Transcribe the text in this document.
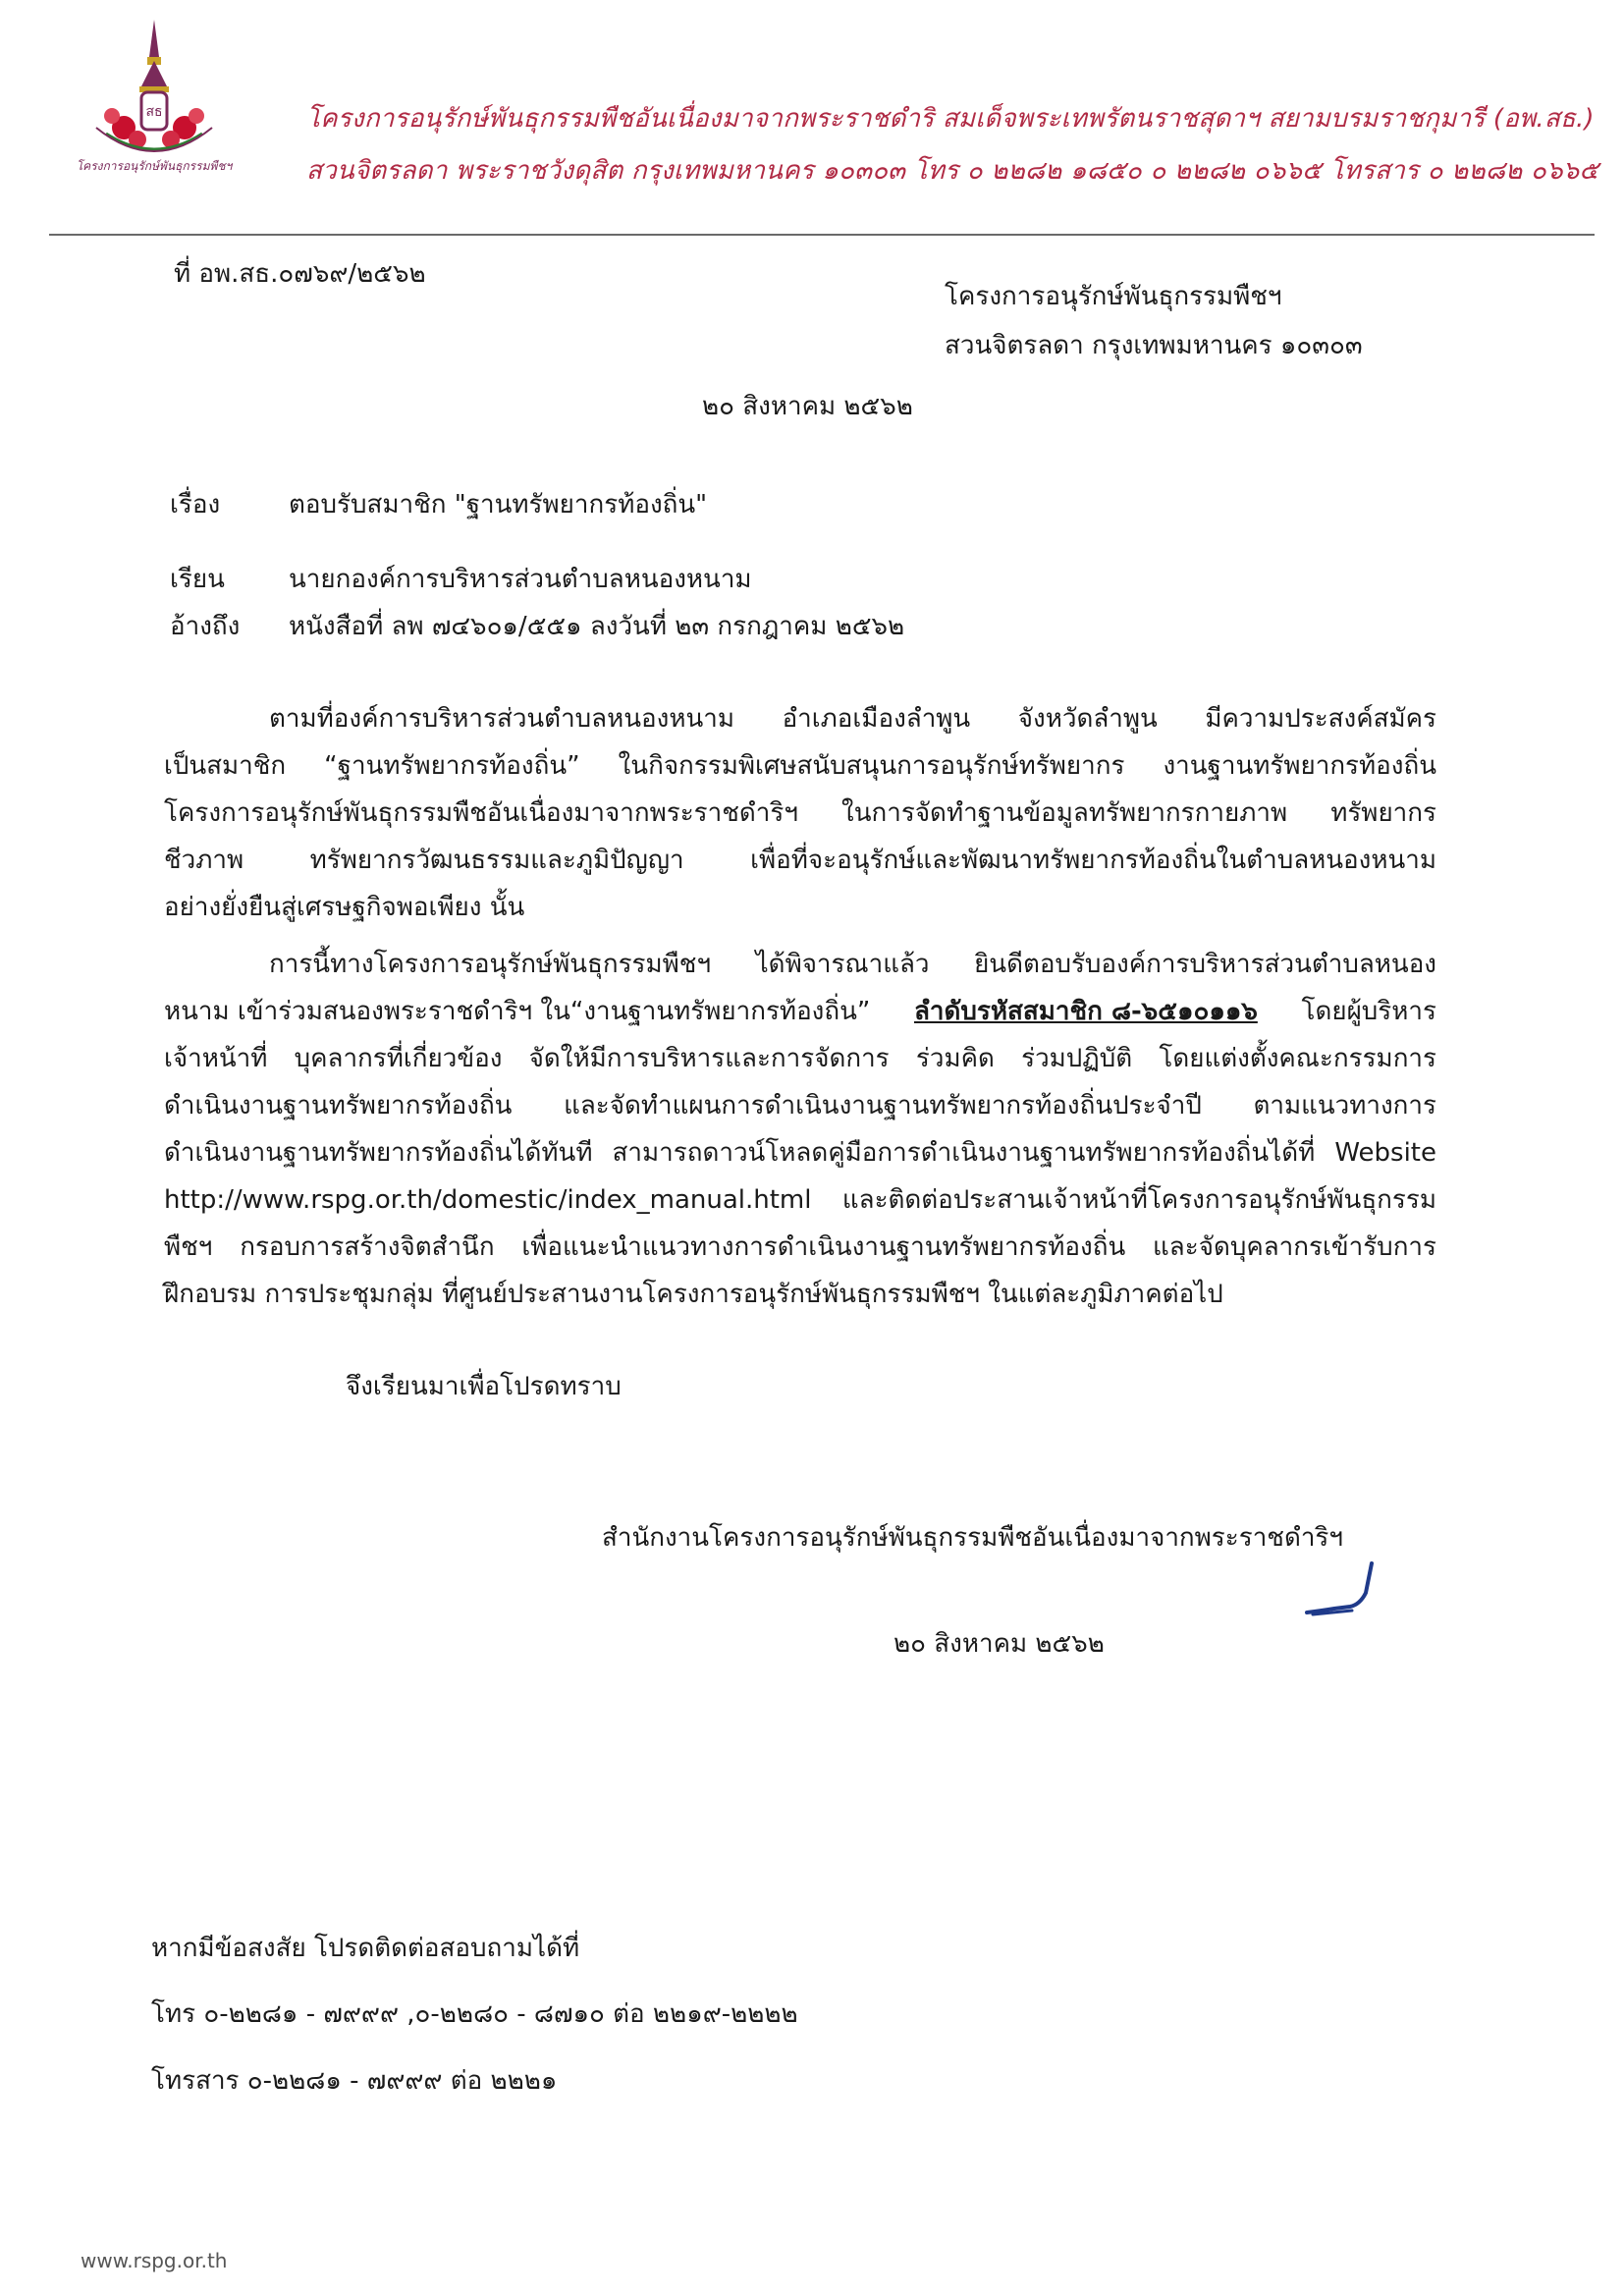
สธ
โครงการอนุรักษ์พันธุกรรมพืชฯ
โครงการอนุรักษ์พันธุกรรมพืชอันเนื่องมาจากพระราชดำริ สมเด็จพระเทพรัตนราชสุดาฯ สยามบรมราชกุมารี (อพ.สธ.)
สวนจิตรลดา พระราชวังดุสิต กรุงเทพมหานคร ๑๐๓๐๓ โทร ๐ ๒๒๘๒ ๑๘๕๐ ๐ ๒๒๘๒ ๐๖๖๕ โทรสาร ๐ ๒๒๘๒ ๐๖๖๕
ที่ อพ.สธ.๐๗๖๙/๒๕๖๒
โครงการอนุรักษ์พันธุกรรมพืชฯ
สวนจิตรลดา กรุงเทพมหานคร ๑๐๓๐๓
๒๐ สิงหาคม ๒๕๖๒
เรื่อง	ตอบรับสมาชิก "ฐานทรัพยากรท้องถิ่น"
เรียน	นายกองค์การบริหารส่วนตำบลหนองหนาม
อ้างถึง หนังสือที่ ลพ ๗๔๖๐๑/๕๕๑ ลงวันที่ ๒๓ กรกฎาคม ๒๕๖๒
ตามที่องค์การบริหารส่วนตำบลหนองหนาม อำเภอเมืองลำพูน จังหวัดลำพูน มีความประสงค์สมัคร
เป็นสมาชิก “ฐานทรัพยากรท้องถิ่น” ในกิจกรรมพิเศษสนับสนุนการอนุรักษ์ทรัพยากร งานฐานทรัพยากรท้องถิ่น
โครงการอนุรักษ์พันธุกรรมพืชอันเนื่องมาจากพระราชดำริฯ ในการจัดทำฐานข้อมูลทรัพยากรกายภาพ ทรัพยากร
ชีวภาพ ทรัพยากรวัฒนธรรมและภูมิปัญญา เพื่อที่จะอนุรักษ์และพัฒนาทรัพยากรท้องถิ่นในตำบลหนองหนาม
อย่างยั่งยืนสู่เศรษฐกิจพอเพียง นั้น
การนี้ทางโครงการอนุรักษ์พันธุกรรมพืชฯ ได้พิจารณาแล้ว ยินดีตอบรับองค์การบริหารส่วนตำบลหนอง
หนาม เข้าร่วมสนองพระราชดำริฯ ใน“งานฐานทรัพยากรท้องถิ่น” ลำดับรหัสสมาชิก ๘-๖๕๑๐๑๑๖ โดยผู้บริหาร
เจ้าหน้าที่ บุคลากรที่เกี่ยวข้อง จัดให้มีการบริหารและการจัดการ ร่วมคิด ร่วมปฏิบัติ โดยแต่งตั้งคณะกรรมการ
ดำเนินงานฐานทรัพยากรท้องถิ่น และจัดทำแผนการดำเนินงานฐานทรัพยากรท้องถิ่นประจำปี ตามแนวทางการ
ดำเนินงานฐานทรัพยากรท้องถิ่นได้ทันที สามารถดาวน์โหลดคู่มือการดำเนินงานฐานทรัพยากรท้องถิ่นได้ที่ Website
http://www.rspg.or.th/domestic/index_manual.html และติดต่อประสานเจ้าหน้าที่โครงการอนุรักษ์พันธุกรรม
พืชฯ กรอบการสร้างจิตสำนึก เพื่อแนะนำแนวทางการดำเนินงานฐานทรัพยากรท้องถิ่น และจัดบุคลากรเข้ารับการ
ฝึกอบรม การประชุมกลุ่ม ที่ศูนย์ประสานงานโครงการอนุรักษ์พันธุกรรมพืชฯ ในแต่ละภูมิภาคต่อไป
จึงเรียนมาเพื่อโปรดทราบ
สำนักงานโครงการอนุรักษ์พันธุกรรมพืชอันเนื่องมาจากพระราชดำริฯ
๒๐ สิงหาคม ๒๕๖๒
หากมีข้อสงสัย โปรดติดต่อสอบถามได้ที่
โทร ๐-๒๒๘๑ - ๗๙๙๙ ,๐-๒๒๘๐ - ๘๗๑๐ ต่อ ๒๒๑๙-๒๒๒๒
โทรสาร ๐-๒๒๘๑ - ๗๙๙๙ ต่อ ๒๒๒๑
www.rspg.or.th
